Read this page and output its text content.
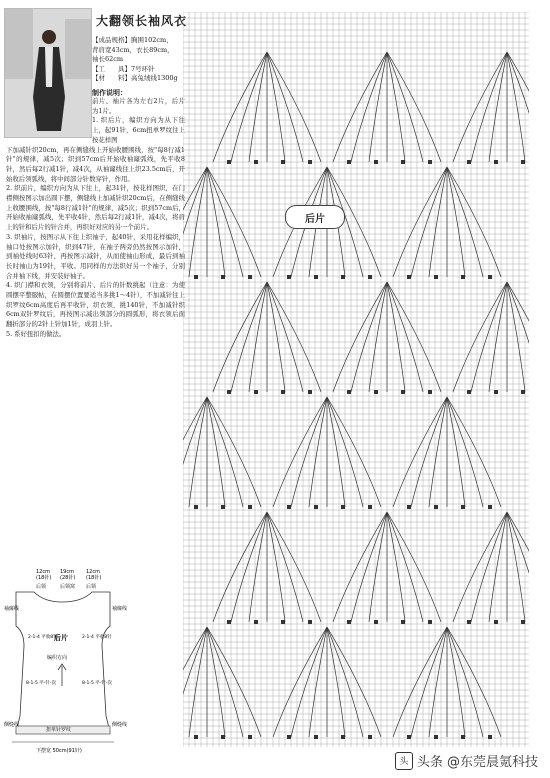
大翻领长袖风衣
【成品规格】胸围102cm，
背肩宽43cm，衣长89cm，
袖长62cm
【工　　具】7号环针
【材　　料】高兔绒线1300g
制作说明：

前片、袖片各为左右2片，后片为1片。

1. 织后片，编织方向为从下往上，起91针，6cm扭单罗纹往上按花样图

下加减针织20cm，再在侧缝线上开始收腰围线，按"每8行减1针"的规律，减5次；织到57cm后开始收袖窿弧线，先平收8针，然后每2行减1针，减4次，从袖窿线往上织23.5cm后，开始收后领弧线，将中间部分针数穿针，作用。

2. 织前片，编织方向为从下往上，起31针，按花样图织，在门襟侧按图示加出圆下摆，侧缝线上加减针织20cm后，在侧缝线上收腰围线，按"每8行减1针"的规律，减5次；织到57cm后，开始收袖窿弧线，先平收4针，然后每2行减1针，减4次，将肩上的针和后片的针合并，再织好对应的另一个前片。

3. 织袖片，按图示从下往上织袖子，起40针，采用花样编织，袖口处按图示加针，织到47针，在袖子两旁仍然按图示加针，到袖处线时63针，再按图示减针，从而使袖山形成，最后到袖长时袖山为19针，平收。用同样的方法织好另一个袖子，分别合并袖下线，并安装好袖子。

4. 织门襟和衣领，分别将前片、后片的针数挑起（注意：为使圆摆平整服帖，在圆摆位置要适当多挑1～4针），不加减针往上织罗纹6cm高度后再平收针，织衣领，挑140针，不加减针织6cm双针罗纹后，再按图示减出领部分的圆弧形，将衣领后面翻折部分的2针上针加1针，成羽上针。

5. 系好扭扣的做法。

12cm
(18针)
19cm
(28针)
12cm
(18针)
后领	后领窝 后领
袖窿线	袖窿线
2-1-4 平收8针	2-1-4 平收8针
后片
编织方向
8-1-5 平-针-次	8-1-5 平-针-次
扭单针罗纹
侧缝线	侧缝线
下摆宽 50cm(91针)
后片
头 头条 @东莞晨氪科技
